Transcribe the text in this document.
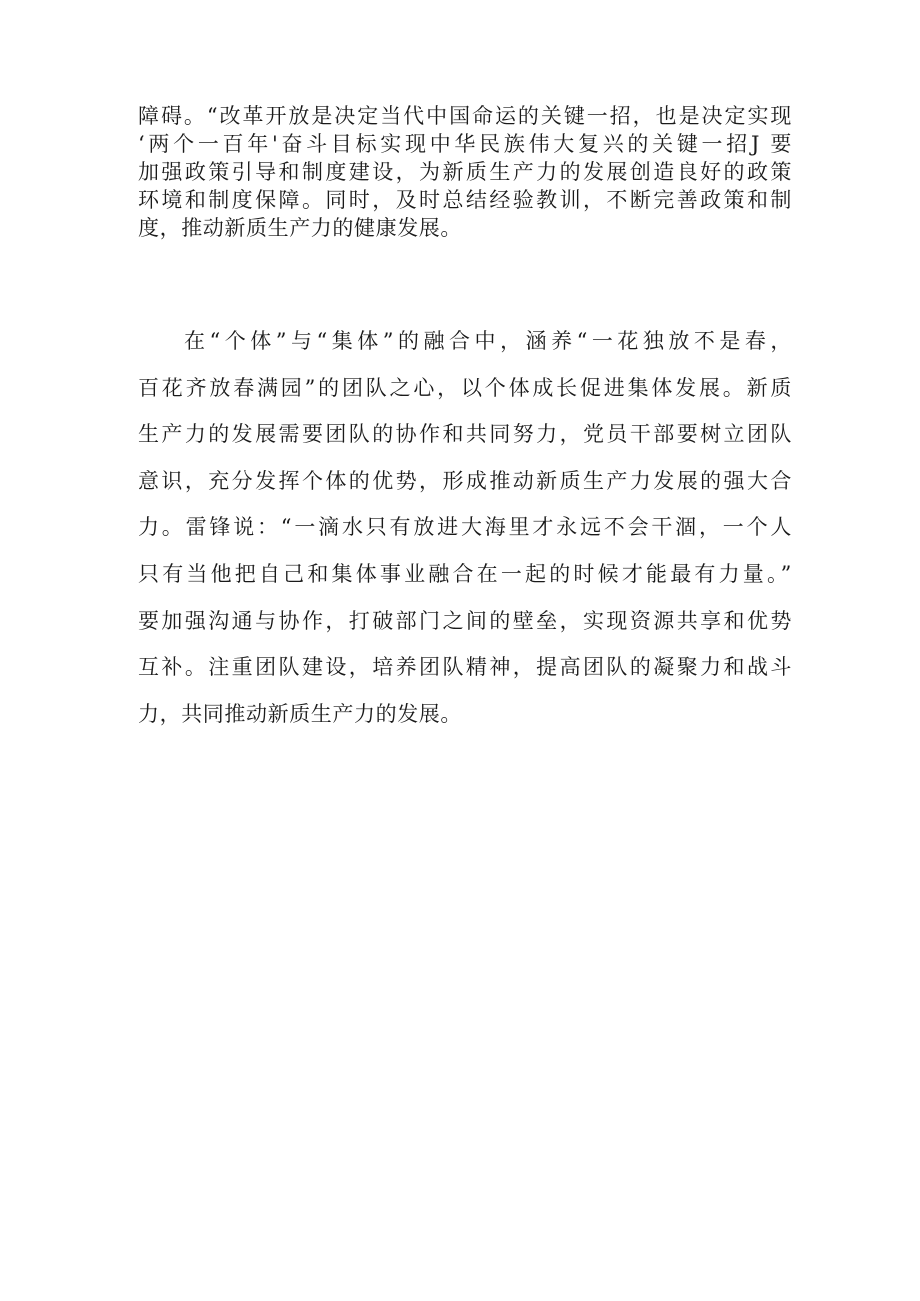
障碍。“改革开放是决定当代中国命运的关键一招，也是决定实现
‘两个一百年'奋斗目标实现中华民族伟大复兴的关键一招J 要
加强政策引导和制度建设，为新质生产力的发展创造良好的政策
环境和制度保障。同时，及时总结经验教训，不断完善政策和制
度，推动新质生产力的健康发展。
在“个体”与“集体”的融合中，涵养“一花独放不是春，
百花齐放春满园”的团队之心，以个体成长促进集体发展。新质
生产力的发展需要团队的协作和共同努力，党员干部要树立团队
意识，充分发挥个体的优势，形成推动新质生产力发展的强大合
力。雷锋说：“一滴水只有放进大海里才永远不会干涸，一个人
只有当他把自己和集体事业融合在一起的时候才能最有力量。”
要加强沟通与协作，打破部门之间的壁垒，实现资源共享和优势
互补。注重团队建设，培养团队精神，提高团队的凝聚力和战斗
力，共同推动新质生产力的发展。
